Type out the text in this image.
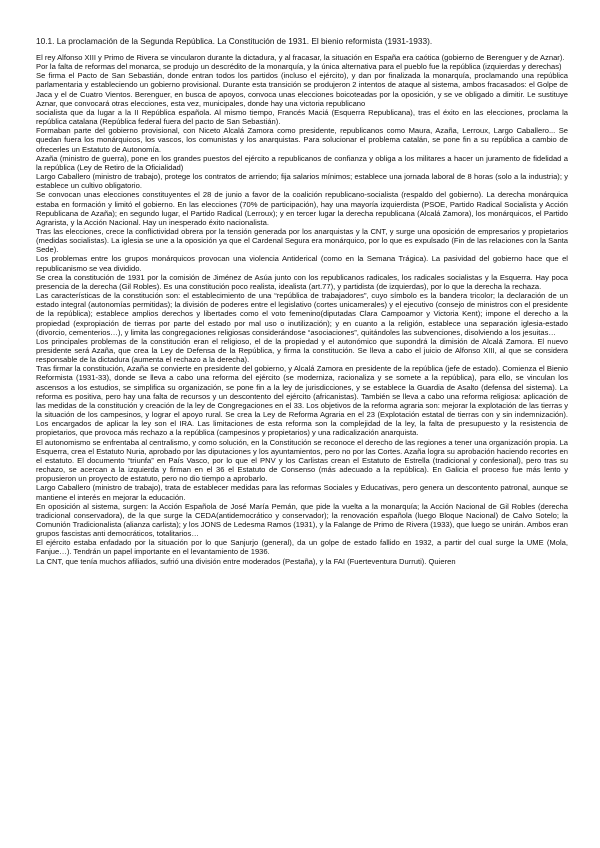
10.1. La proclamación de la Segunda República. La Constitución de 1931. El bienio reformista (1931-1933).

El rey Alfonso XIII y Primo de Rivera se vincularon durante la dictadura, y al fracasar, la situación en España era caótica (gobierno de Berenguer y de Aznar).

Por la falta de reformas del monarca, se produjo un descrédito de la monarquía, y la única alternativa para el pueblo fue la república (izquierdas y derechas)

Se firma el Pacto de San Sebastián, donde entran todos los partidos (incluso el ejército), y dan por finalizada la monarquía, proclamando una república parlamentaria y estableciendo un gobierno provisional. Durante esta transición se produjeron 2 intentos de ataque al sistema, ambos fracasados: el Golpe de Jaca y el de Cuatro Vientos. Berenguer, en busca de apoyos, convoca unas elecciones boicoteadas por la oposición, y se ve obligado a dimitir. Le sustituye Aznar, que convocará otras elecciones, esta vez, municipales, donde hay una victoria republicano

socialista que da lugar a la II República española. Al mismo tiempo, Francés Maciá (Esquerra Republicana), tras el éxito en las elecciones, proclama la república catalana (República federal fuera del pacto de San Sebastián).

Formaban parte del gobierno provisional, con Niceto Alcalá Zamora como presidente, republicanos como Maura, Azaña, Lerroux, Largo Caballero... Se quedan fuera los monárquicos, los vascos, los comunistas y los anarquistas. Para solucionar el problema catalán, se pone fin a su república a cambio de ofrecerles un Estatuto de Autonomía.

Azaña (ministro de guerra), pone en los grandes puestos del ejército a republicanos de confianza y obliga a los militares a hacer un juramento de fidelidad a la república (Ley de Retiro de la Oficialidad)

Largo Caballero (ministro de trabajo), protege los contratos de arriendo; fija salarios mínimos; establece una jornada laboral de 8 horas (solo a la industria); y establece un cultivo obligatorio.

Se convocan unas elecciones constituyentes el 28 de junio a favor de la coalición republicano-socialista (respaldo del gobierno). La derecha monárquica estaba en formación y limitó el gobierno. En las elecciones (70% de participación), hay una mayoría izquierdista (PSOE, Partido Radical Socialista y Acción Republicana de Azaña); en segundo lugar, el Partido Radical (Lerroux); y en tercer lugar la derecha republicana (Alcalá Zamora), los monárquicos, el Partido Agrarista, y la Acción Nacional. Hay un inesperado éxito nacionalista.

Tras las elecciones, crece la conflictividad obrera por la tensión generada por los anarquistas y la CNT, y surge una oposición de empresarios y propietarios (medidas socialistas). La iglesia se une a la oposición ya que el Cardenal Segura era monárquico, por lo que es expulsado (Fin de las relaciones con la Santa Sede).

Los problemas entre los grupos monárquicos provocan una violencia Antiderical (como en la Semana Trágica). La pasividad del gobierno hace que el republicanismo se vea dividido.

Se crea la constitución de 1931 por la comisión de Jiménez de Asúa junto con los republicanos radicales, los radicales socialistas y la Esquerra. Hay poca presencia de la derecha (Gil Robles). Es una constitución poco realista, idealista (art.77), y partidista (de izquierdas), por lo que la derecha la rechaza.

Las características de la constitución son: el establecimiento de una “república de trabajadores”, cuyo símbolo es la bandera tricolor; la declaración de un estado integral (autonomías permitidas); la división de poderes entre el legislativo (cortes unicamerales) y el ejecutivo (consejo de ministros con el presidente de la república); establece amplios derechos y libertades como el voto femenino(diputadas Clara Campoamor y Victoria Kent); impone el derecho a la propiedad (expropiación de tierras por parte del estado por mal uso o inutilización); y en cuanto a la religión, establece una separación iglesia-estado (divorcio, cementerios…), y limita las congregaciones religiosas considerándose “asociaciones”, quitándoles las subvenciones, disolviendo a los jesuitas…

Los principales problemas de la constitución eran el religioso, el de la propiedad y el autonómico que supondrá la dimisión de Alcalá Zamora. El nuevo presidente será Azaña, que crea la Ley de Defensa de la República, y firma la constitución. Se lleva a cabo el juicio de Alfonso XIII, al que se considera responsable de la dictadura (aumenta el rechazo a la derecha).

Tras firmar la constitución, Azaña se convierte en presidente del gobierno, y Alcalá Zamora en presidente de la república (jefe de estado). Comienza el Bienio Reformista (1931-33), donde se lleva a cabo una reforma del ejército (se moderniza, racionaliza y se somete a la república), para ello, se vinculan los ascensos a los estudios, se simplifica su organización, se pone fin a la ley de jurisdicciones, y se establece la Guardia de Asalto (defensa del sistema). La reforma es positiva, pero hay una falta de recursos y un descontento del ejército (africanistas). También se lleva a cabo una reforma religiosa: aplicación de las medidas de la constitución y creación de la ley de Congregaciones en el 33. Los objetivos de la reforma agraria son: mejorar la explotación de las tierras y la situación de los campesinos, y lograr el apoyo rural. Se crea la Ley de Reforma Agraria en el 23 (Explotación estatal de tierras con y sin indemnización). Los encargados de aplicar la ley son el IRA. Las limitaciones de esta reforma son la complejidad de la ley, la falta de presupuesto y la resistencia de propietarios, que provoca más rechazo a la república (campesinos y propietarios) y una radicalización anarquista.

El autonomismo se enfrentaba al centralismo, y como solución, en la Constitución se reconoce el derecho de las regiones a tener una organización propia. La Esquerra, crea el Estatuto Nuria, aprobado por las diputaciones y los ayuntamientos, pero no por las Cortes. Azaña logra su aprobación haciendo recortes en el estatuto. El documento “triunfa” en País Vasco, por lo que el PNV y los Carlistas crean el Estatuto de Estrella (tradicional y confesional), pero tras su rechazo, se acercan a la izquierda y firman en el 36 el Estatuto de Consenso (más adecuado a la república). En Galicia el proceso fue más lento y propusieron un proyecto de estatuto, pero no dio tiempo a aprobarlo.

Largo Caballero (ministro de trabajo), trata de establecer medidas para las reformas Sociales y Educativas, pero genera un descontento patronal, aunque se mantiene el interés en mejorar la educación.

En oposición al sistema, surgen: la Acción Española de José María Pemán, que pide la vuelta a la monarquía; la Acción Nacional de Gil Robles (derecha tradicional conservadora), de la que surge la CEDA(antidemocrático y conservador); la renovación española (luego Bloque Nacional) de Calvo Sotelo; la Comunión Tradicionalista (alianza carlista); y los JONS de Ledesma Ramos (1931), y la Falange de Primo de Rivera (1933), que luego se unirán. Ambos eran grupos fascistas anti democráticos, totalitarios…

El ejército estaba enfadado por la situación por lo que Sanjurjo (general), da un golpe de estado fallido en 1932, a partir del cual surge la UME (Mola, Fanjue…). Tendrán un papel importante en el levantamiento de 1936.

La CNT, que tenía muchos afiliados, sufrió una división entre moderados (Pestaña), y la FAI (Fuerteventura Durruti). Quieren
